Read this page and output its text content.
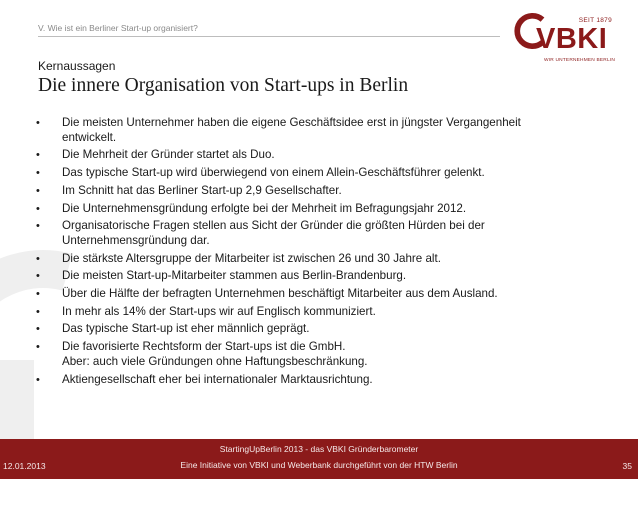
V. Wie ist ein Berliner Start-up organisiert?
SEIT 1879
VBKI
WIR UNTERNEHMEN BERLIN
Kernaussagen
Die innere Organisation von Start-ups in Berlin
• Die meisten Unternehmer haben die eigene Geschäftsidee erst in jüngster Vergangenheit
entwickelt.
• Die Mehrheit der Gründer startet als Duo.
• Das typische Start-up wird überwiegend von einem Allein-Geschäftsführer gelenkt.
• Im Schnitt hat das Berliner Start-up 2,9 Gesellschafter.
• Die Unternehmensgründung erfolgte bei der Mehrheit im Befragungsjahr 2012.
• Organisatorische Fragen stellen aus Sicht der Gründer die größten Hürden bei der
Unternehmensgründung dar.
• Die stärkste Altersgruppe der Mitarbeiter ist zwischen 26 und 30 Jahre alt.
• Die meisten Start-up-Mitarbeiter stammen aus Berlin-Brandenburg.
• Über die Hälfte der befragten Unternehmen beschäftigt Mitarbeiter aus dem Ausland.
• In mehr als 14% der Start-ups wir auf Englisch kommuniziert.
• Das typische Start-up ist eher männlich geprägt.
• Die favorisierte Rechtsform der Start-ups ist die GmbH.
Aber: auch viele Gründungen ohne Haftungsbeschränkung.
• Aktiengesellschaft eher bei internationaler Marktausrichtung.
12.01.2013
StartingUpBerlin 2013 - das VBKI Gründerbarometer
Eine Initiative von VBKI und Weberbank durchgeführt von der HTW Berlin	35
